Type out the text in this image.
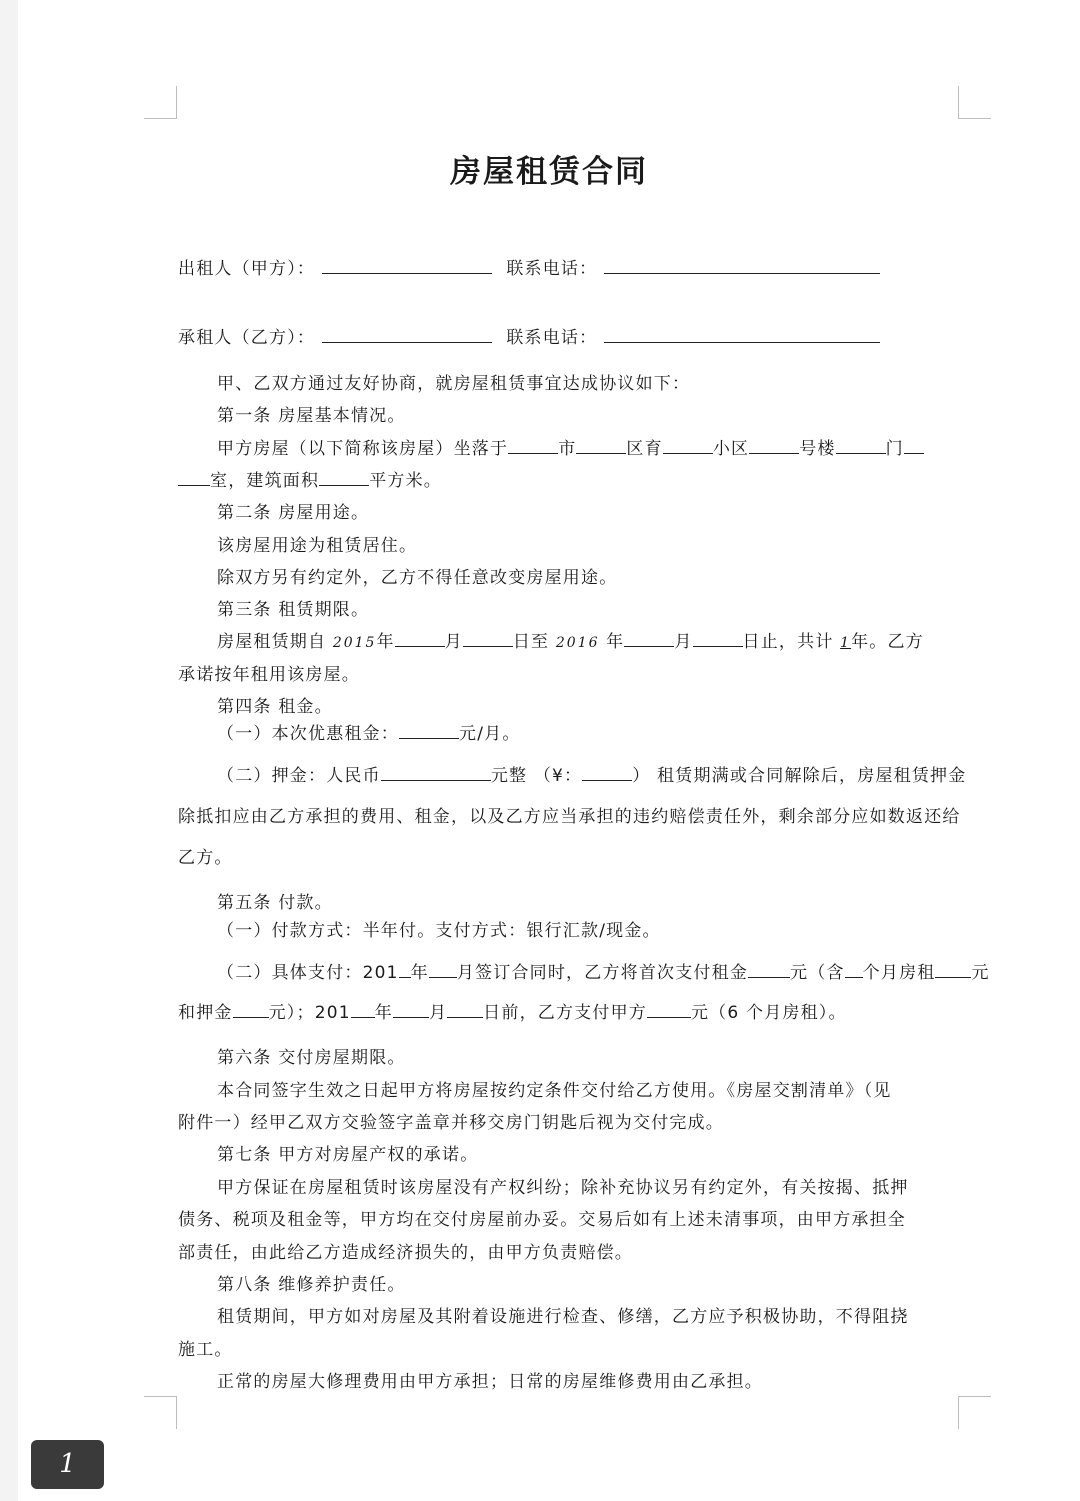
房屋租赁合同
出租人（甲方）：	联系电话：
承租人（乙方）：	联系电话：
甲、乙双方通过友好协商，就房屋租赁事宜达成协议如下：
第一条 房屋基本情况。
甲方房屋（以下简称该房屋）坐落于	市	区育	小区	号楼	门
室，建筑面积	平方米。
第二条 房屋用途。
该房屋用途为租赁居住。
除双方另有约定外，乙方不得任意改变房屋用途。
第三条 租赁期限。
房屋租赁期自 2015年	月	日至 2016 年	月	日止，共计 1年。乙方
承诺按年租用该房屋。
第四条 租金。
（一）本次优惠租金：	元/月。
（二）押金：人民币	元整 （¥：	） 租赁期满或合同解除后，房屋租赁押金
除抵扣应由乙方承担的费用、租金，以及乙方应当承担的违约赔偿责任外，剩余部分应如数返还给
乙方。
第五条 付款。
（一）付款方式：半年付。支付方式：银行汇款/现金。
（二）具体支付：201 年 月签订合同时，乙方将首次支付租金 元（含 个月房租 元
和押金 元）；201 年 月 日前，乙方支付甲方	元（6 个月房租）。
第六条 交付房屋期限。
本合同签字生效之日起甲方将房屋按约定条件交付给乙方使用。《房屋交割清单》（见
附件一）经甲乙双方交验签字盖章并移交房门钥匙后视为交付完成。
第七条 甲方对房屋产权的承诺。
甲方保证在房屋租赁时该房屋没有产权纠纷；除补充协议另有约定外，有关按揭、抵押
债务、税项及租金等，甲方均在交付房屋前办妥。交易后如有上述未清事项，由甲方承担全
部责任，由此给乙方造成经济损失的，由甲方负责赔偿。
第八条 维修养护责任。
租赁期间，甲方如对房屋及其附着设施进行检查、修缮，乙方应予积极协助，不得阻挠
施工。
正常的房屋大修理费用由甲方承担；日常的房屋维修费用由乙承担。
1
